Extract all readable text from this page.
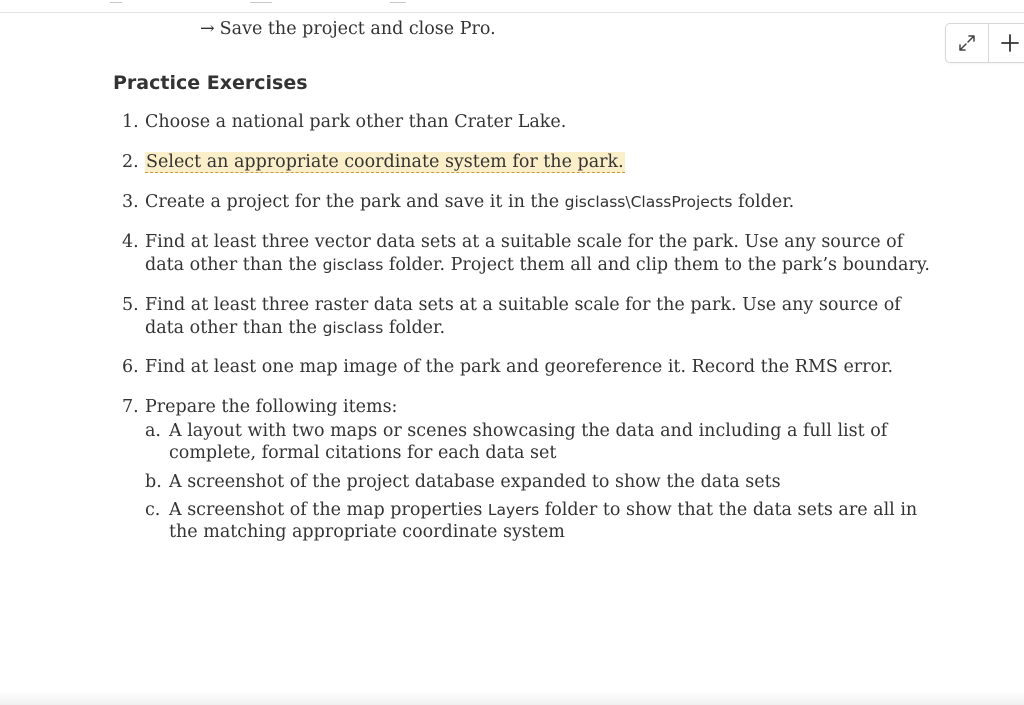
→ Save the project and close Pro.
Practice Exercises
1. Choose a national park other than Crater Lake.
2. Select an appropriate coordinate system for the park.
3. Create a project for the park and save it in the gisclass\ClassProjects folder.
4. Find at least three vector data sets at a suitable scale for the park. Use any source of data other than the gisclass folder. Project them all and clip them to the park’s boundary.
5. Find at least three raster data sets at a suitable scale for the park. Use any source of data other than the gisclass folder.
6. Find at least one map image of the park and georeference it. Record the RMS error.
7. Prepare the following items:
a. A layout with two maps or scenes showcasing the data and including a full list of complete, formal citations for each data set
b. A screenshot of the project database expanded to show the data sets
c. A screenshot of the map properties Layers folder to show that the data sets are all in the matching appropriate coordinate system
